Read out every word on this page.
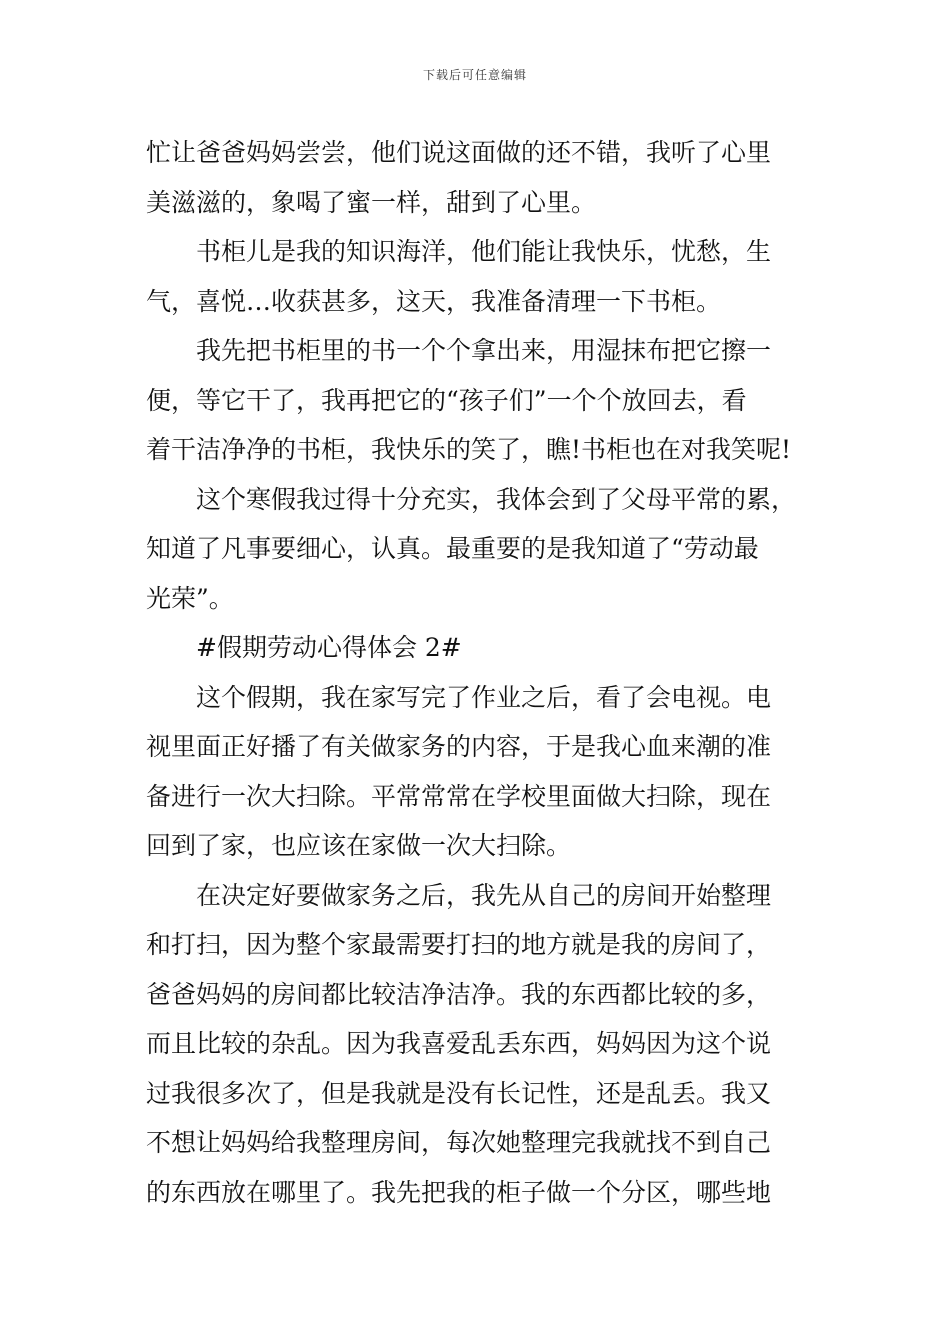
下载后可任意编辑
忙让爸爸妈妈尝尝，他们说这面做的还不错，我听了心里
美滋滋的，象喝了蜜一样，甜到了心里。
书柜儿是我的知识海洋，他们能让我快乐，忧愁，生
气，喜悦…收获甚多，这天，我准备清理一下书柜。
我先把书柜里的书一个个拿出来，用湿抹布把它擦一
便，等它干了，我再把它的“孩子们”一个个放回去，看
着干洁净净的书柜，我快乐的笑了，瞧!书柜也在对我笑呢!
这个寒假我过得十分充实，我体会到了父母平常的累，
知道了凡事要细心，认真。最重要的是我知道了“劳动最
光荣”。
#假期劳动心得体会 2#
这个假期，我在家写完了作业之后，看了会电视。电
视里面正好播了有关做家务的内容，于是我心血来潮的准
备进行一次大扫除。平常常常在学校里面做大扫除，现在
回到了家，也应该在家做一次大扫除。
在决定好要做家务之后，我先从自己的房间开始整理
和打扫，因为整个家最需要打扫的地方就是我的房间了，
爸爸妈妈的房间都比较洁净洁净。我的东西都比较的多，
而且比较的杂乱。因为我喜爱乱丢东西，妈妈因为这个说
过我很多次了，但是我就是没有长记性，还是乱丢。我又
不想让妈妈给我整理房间，每次她整理完我就找不到自己
的东西放在哪里了。我先把我的柜子做一个分区，哪些地
